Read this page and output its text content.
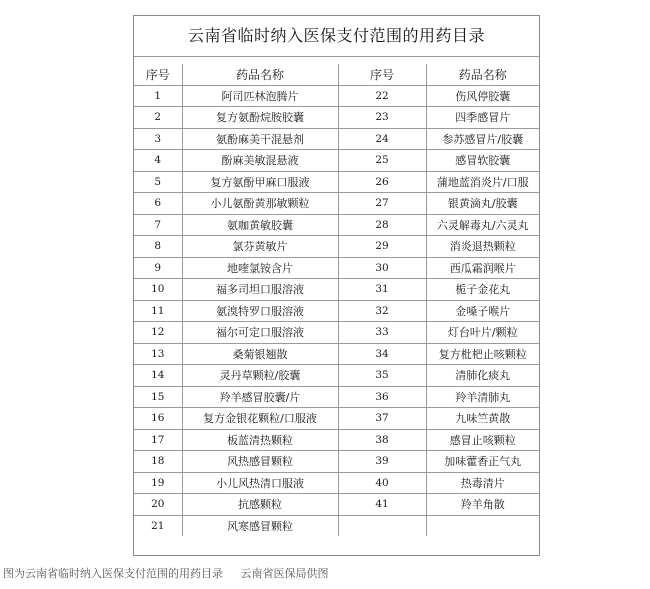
云南省临时纳入医保支付范围的用药目录
序号	药品名称	序号	药品名称
1	阿司匹林泡腾片	22	伤风停胶囊
2	复方氨酚烷胺胶囊	23	四季感冒片
3	氨酚麻美干混悬剂	24	参苏感冒片/胶囊
4	酚麻美敏混悬液	25	感冒软胶囊
5	复方氨酚甲麻口服液	26	蒲地蓝消炎片/口服
6	小儿氨酚黄那敏颗粒	27	银黄滴丸/胶囊
7	氨咖黄敏胶囊	28	六灵解毒丸/六灵丸
8	氯芬黄敏片	29	消炎退热颗粒
9	地喹氯铵含片	30	西瓜霜润喉片
10	福多司坦口服溶液	31	栀子金花丸
11	氨溴特罗口服溶液	32	金嗓子喉片
12	福尔可定口服溶液	33	灯台叶片/颗粒
13	桑菊银翘散	34	复方枇杷止咳颗粒
14	灵丹草颗粒/胶囊	35	清肺化痰丸
15	羚羊感冒胶囊/片	36	羚羊清肺丸
16	复方金银花颗粒/口服液	37	九味竺黄散
17	板蓝清热颗粒	38	感冒止咳颗粒
18	风热感冒颗粒	39	加味藿香正气丸
19	小儿风热清口服液	40	热毒清片
20	抗感颗粒	41	羚羊角散
21	风寒感冒颗粒		
图为云南省临时纳入医保支付范围的用药目录 云南省医保局供图
